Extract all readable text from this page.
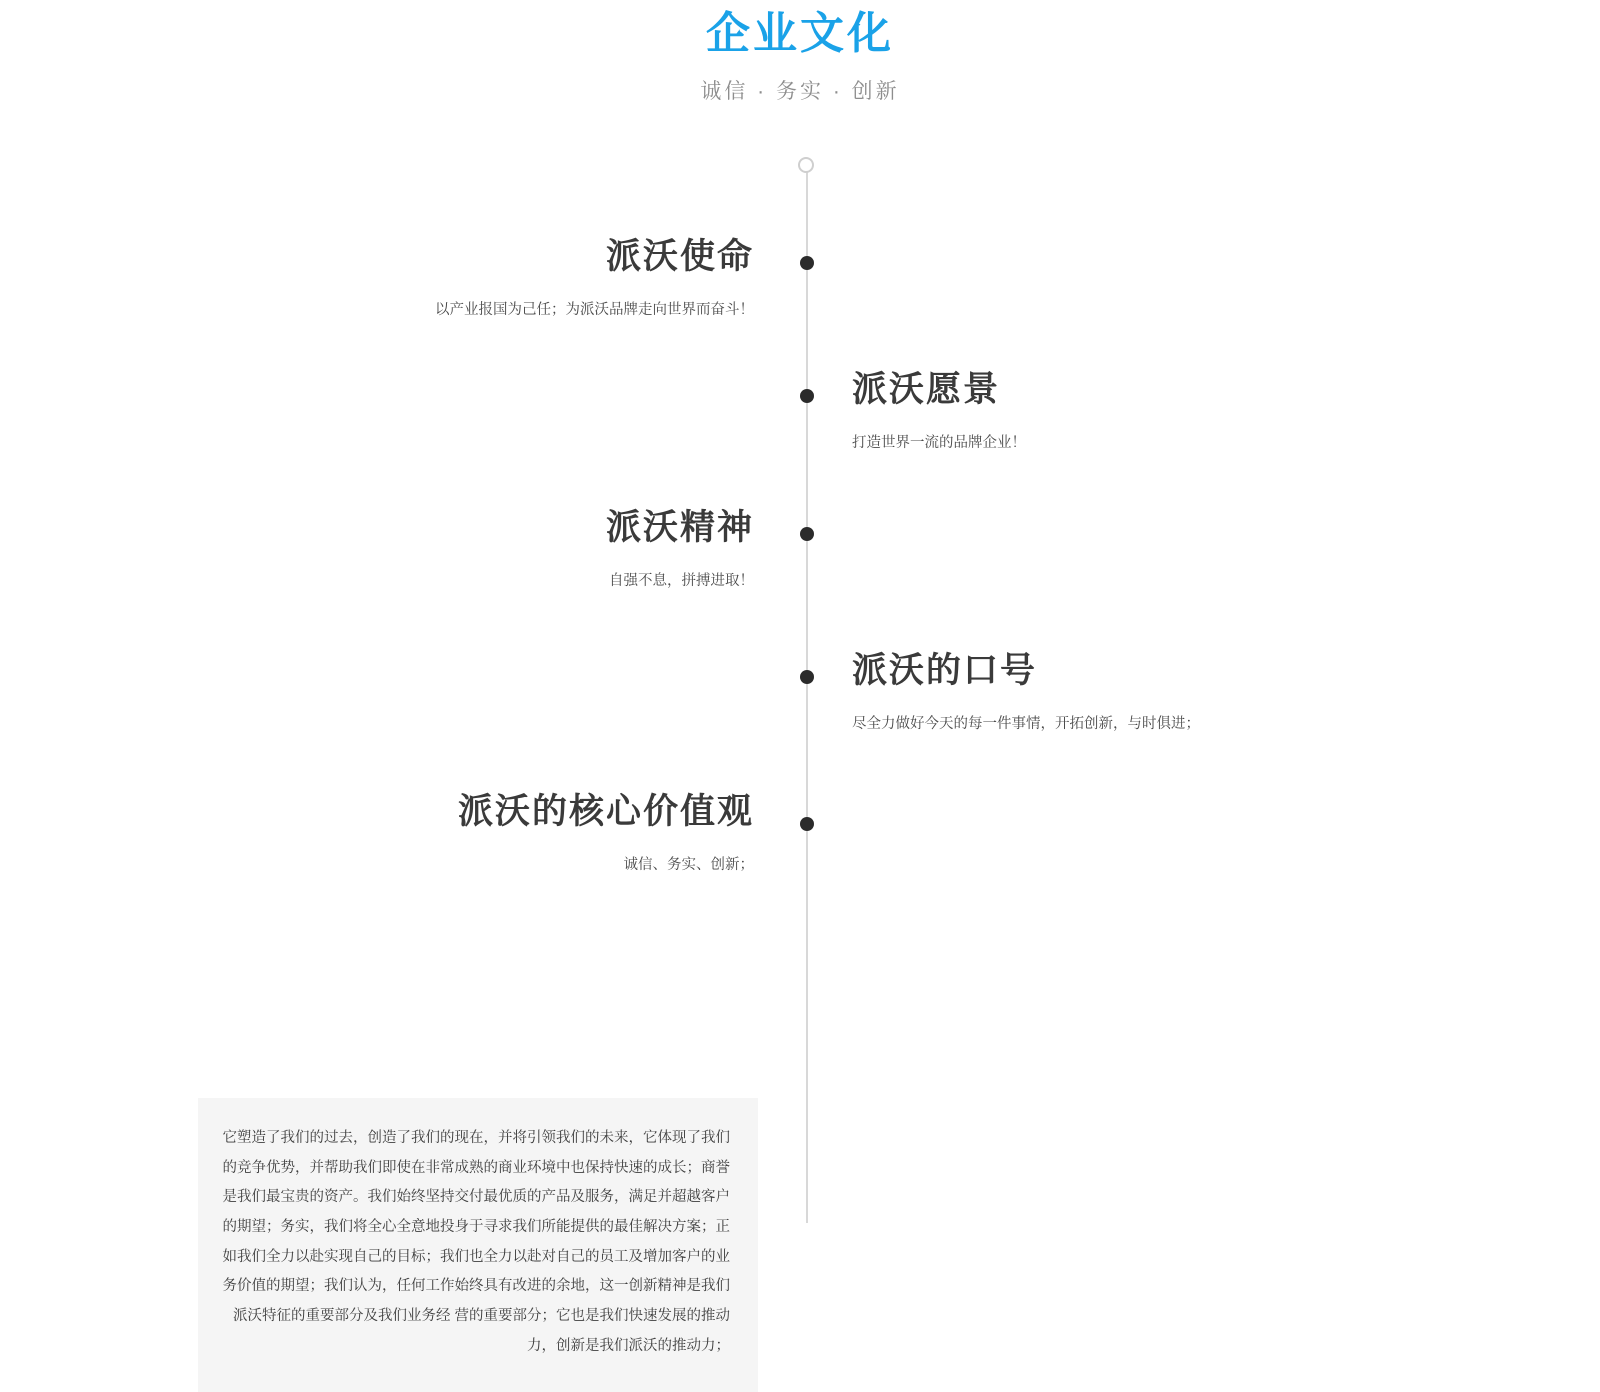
企业文化
诚信 · 务实 · 创新

派沃使命

以产业报国为己任；为派沃品牌走向世界而奋斗！

派沃愿景

打造世界一流的品牌企业！

派沃精神

自强不息，拼搏进取！

派沃的口号

尽全力做好今天的每一件事情，开拓创新，与时俱进；

派沃的核心价值观

诚信、务实、创新；

它塑造了我们的过去，创造了我们的现在，并将引领我们的未来，它体现了我们的竞争优势，并帮助我们即使在非常成熟的商业环境中也保持快速的成长；商誉是我们最宝贵的资产。我们始终坚持交付最优质的产品及服务，满足并超越客户的期望；务实，我们将全心全意地投身于寻求我们所能提供的最佳解决方案；正如我们全力以赴实现自己的目标；我们也全力以赴对自己的员工及增加客户的业务价值的期望；我们认为，任何工作始终具有改进的余地，这一创新精神是我们派沃特征的重要部分及我们业务经 营的重要部分；它也是我们快速发展的推动力，创新是我们派沃的推动力；
